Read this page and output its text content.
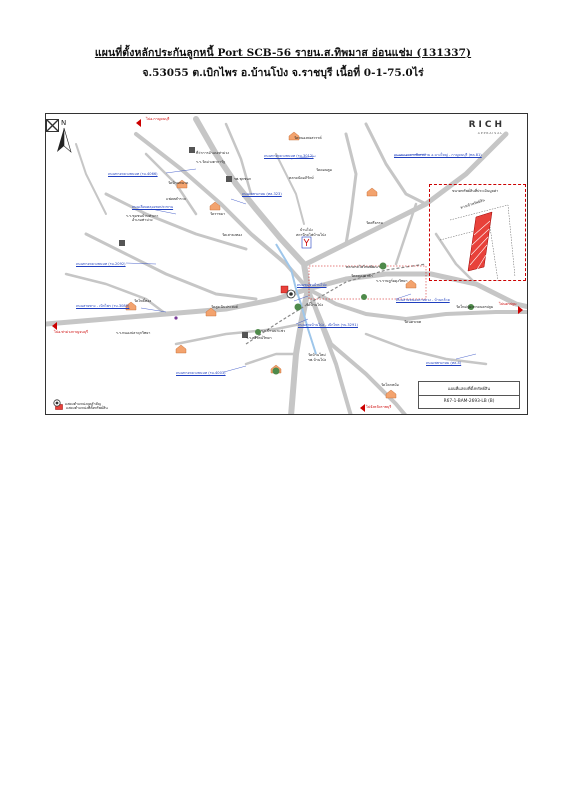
แผนที่ตั้งหลักประกันลูกหนี้ Port SCB-56 รายน.ส.ทิพมาส อ่อนแช่ม (131337)
จ.53055 ต.เบิกไพร อ.บ้านโป่ง จ.ราชบุรี เนื้อที่ 0-1-75.0ไร่
N	RICH
APPRAISAL
ถนนทางหลวงชนบท (รบ.4066)
ถนนเลียบคลองชลประทาน
ถนนเพชรเกษม (ทล.323)
ถนนทางหลวงชนบท (รบ.2092)
ถนนสายทาง - เบิกไพร (รบ.3089)
ถนนทางหลวงชนบท (รบ.3012)	ถนนทางหลวงพิเศษสาย อ.บางใหญ่ - กาญจนบุรี (ทล.81)
ถนนชุมชนบ้านโป่ง
ถนนสายบ้านโป่ง - เบิกไพร (รบ.3291)
ถนนสายหนองตาหลวง - บ้านกล้วย
ถนนทางหลวงชนบท (รบ.4003)
ถนนเพชรเกษม (ทล.4)
ไปอ.กาญจนบุรี
ไปอ.ท่าม่วงกาญจนบุรี
ไปนครปฐม
ไปจังหวัดราชบุรี
วัดหนองพงสวรรค์
ที่ว่าการอำเภอท่าม่วง
ร.ร.วัดม่วงตาการัฐ
วัดบ้านหนาด
ร.ร.ชุมชนบ้านท่าเกา	วัดราชมา
แฟลตตำรวจ
รพ.พุกชนก
อำเภอท่าม่วง
วัดเสาธงทอง
บ้านโป่ง
สถานีรถไฟบ้านโป่ง
วัดดอนตูม
ตลาดนัดอภิรักษ์
วัดบ้านโป่ง
ร.ร.หนองปลาดุกวิทยา
วัดศรีธรรม
รพ.บ้านโป่ง
วัดบ้านใหม่
ตลาดรถไฟไทยพัฒนา
วัดคลองตาคำ
ร.ร.บ้านนาแซ่ว
วัดสูงเนินประสงค์
วัดโพธิ์ทอง
ร.ร.ศรีรัตน์วิทยา
วัดใหม่ปู่ผะทาดนครปฐม
ร.ร.ราษฎร์ผดุงวิทยา
วัดนครเขต
วัดโคกหม้อ
ขนาดทรัพย์สินที่ประเมินมูลค่า
ทางเข้าทรัพย์สิน
แสดงตำแหน่งที่ตั้งทรัพย์สิน
แสดงตำแหน่งจุดสำคัญ
แผนที่แสดงที่ตั้งทรัพย์สิน
R67-1-BAM-2693-LB (B)
